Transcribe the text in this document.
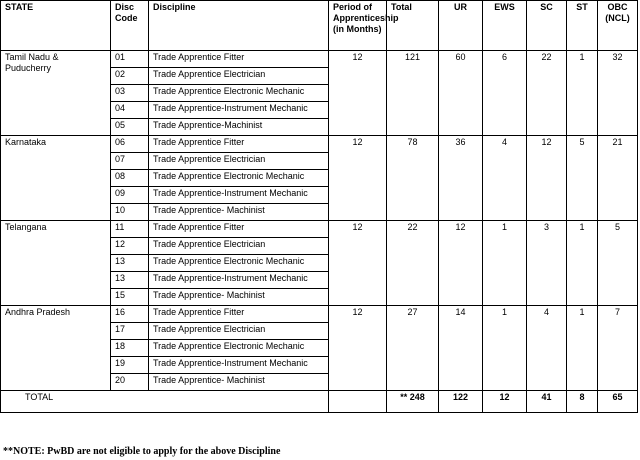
STATE	Disc Code	Discipline	Period of Apprenticeship (in Months)	Total	UR	EWS	SC	ST	OBC (NCL)
Tamil Nadu & Puducherry	01	Trade Apprentice Fitter	12	121	60	6	22	1	32
	02	Trade Apprentice Electrician							
	03	Trade Apprentice Electronic Mechanic							
	04	Trade Apprentice-Instrument Mechanic							
	05	Trade Apprentice-Machinist							
Karnataka	06	Trade Apprentice Fitter	12	78	36	4	12	5	21
	07	Trade Apprentice Electrician							
	08	Trade Apprentice Electronic Mechanic							
	09	Trade Apprentice-Instrument Mechanic							
	10	Trade Apprentice- Machinist							
Telangana	11	Trade Apprentice Fitter	12	22	12	1	3	1	5
	12	Trade Apprentice Electrician							
	13	Trade Apprentice Electronic Mechanic							
	13	Trade Apprentice-Instrument Mechanic							
	15	Trade Apprentice- Machinist							
Andhra Pradesh	16	Trade Apprentice Fitter	12	27	14	1	4	1	7
	17	Trade Apprentice Electrician							
	18	Trade Apprentice Electronic Mechanic							
	19	Trade Apprentice-Instrument Mechanic							
	20	Trade Apprentice- Machinist							
TOTAL				** 248	122	12	41	8	65
**NOTE: PwBD are not eligible to apply for the above Discipline
